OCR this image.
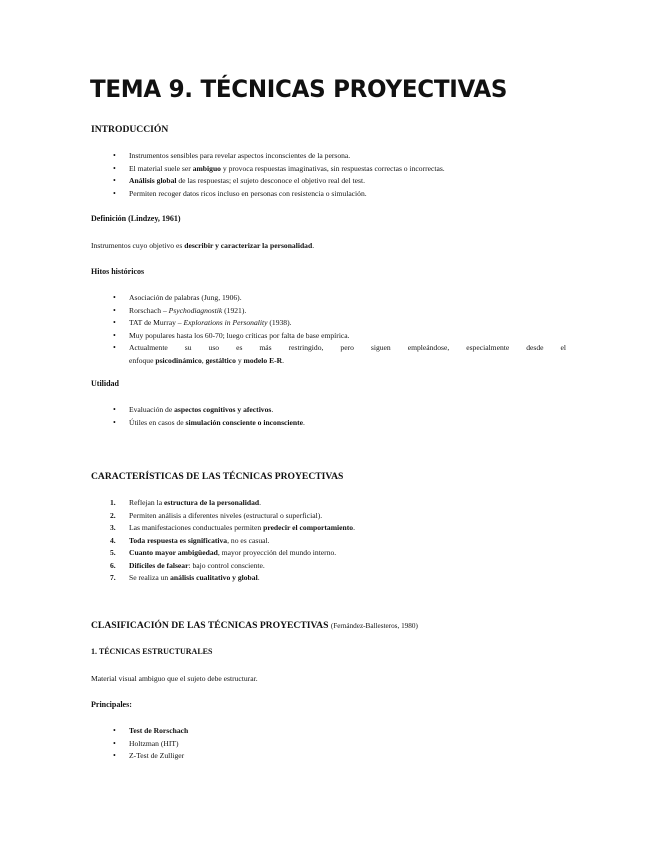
TEMA 9. TÉCNICAS PROYECTIVAS
INTRODUCCIÓN
• Instrumentos sensibles para revelar aspectos inconscientes de la persona.
• El material suele ser ambiguo y provoca respuestas imaginativas, sin respuestas correctas o incorrectas.
• Análisis global de las respuestas; el sujeto desconoce el objetivo real del test.
• Permiten recoger datos ricos incluso en personas con resistencia o simulación.
Definición (Lindzey, 1961)

Instrumentos cuyo objetivo es describir y caracterizar la personalidad.

Hitos históricos
• Asociación de palabras (Jung, 1906).
• Rorschach – Psychodiagnostik (1921).
• TAT de Murray – Explorations in Personality (1938).
• Muy populares hasta los 60-70; luego críticas por falta de base empírica.
• Actualmente su uso es más restringido, pero siguen empleándose, especialmente desde el
enfoque psicodinámico, gestáltico y modelo E-R.
Utilidad
• Evaluación de aspectos cognitivos y afectivos.
• Útiles en casos de simulación consciente o inconsciente.
CARACTERÍSTICAS DE LAS TÉCNICAS PROYECTIVAS
1. Reflejan la estructura de la personalidad.
2. Permiten análisis a diferentes niveles (estructural o superficial).
3. Las manifestaciones conductuales permiten predecir el comportamiento.
4. Toda respuesta es significativa, no es casual.
5. Cuanto mayor ambigüedad, mayor proyección del mundo interno.
6. Difíciles de falsear: bajo control consciente.
7. Se realiza un análisis cualitativo y global.
CLASIFICACIÓN DE LAS TÉCNICAS PROYECTIVAS (Fernández-Ballesteros, 1980)
1. TÉCNICAS ESTRUCTURALES

Material visual ambiguo que el sujeto debe estructurar.

Principales:
• Test de Rorschach
• Holtzman (HIT)
• Z-Test de Zulliger
